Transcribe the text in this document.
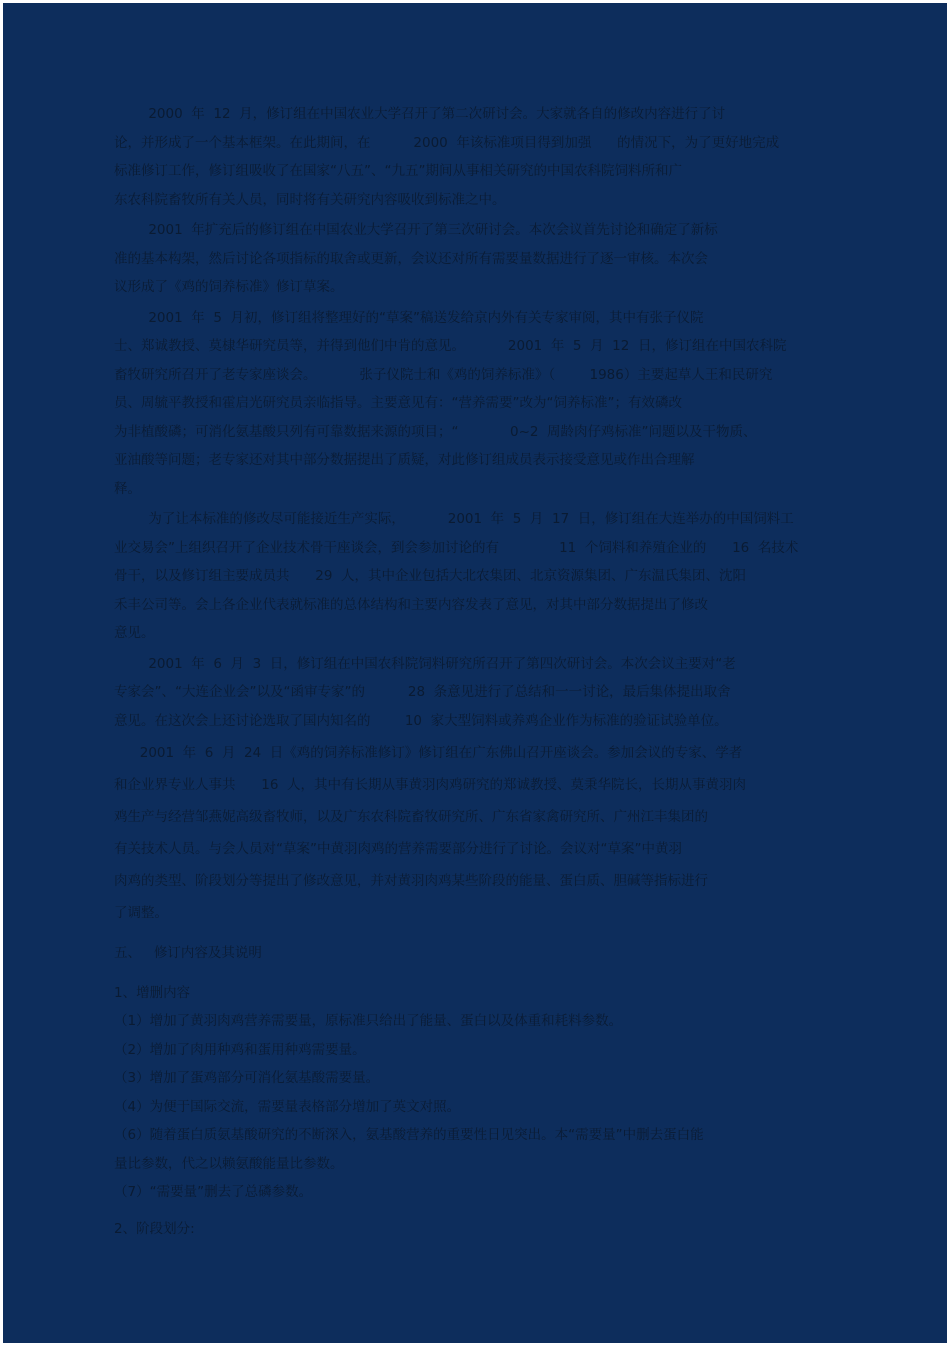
2000  年  12  月，修订组在中国农业大学召开了第二次研讨会。大家就各自的修改内容进行了讨
论，并形成了一个基本框架。在此期间，在          2000  年该标准项目得到加强      的情况下，为了更好地完成
标准修订工作，修订组吸收了在国家“八五”、“九五”期间从事相关研究的中国农科院饲料所和广
东农科院畜牧所有关人员，同时将有关研究内容吸收到标准之中。
2001  年扩充后的修订组在中国农业大学召开了第三次研讨会。本次会议首先讨论和确定了新标
准的基本构架，然后讨论各项指标的取舍或更新，会议还对所有需要量数据进行了逐一审核。本次会
议形成了《鸡的饲养标准》修订草案。
2001  年  5  月初，修订组将整理好的“草案”稿送发给京内外有关专家审阅，其中有张子仪院
士、郑诚教授、莫棣华研究员等，并得到他们中肯的意见。          2001  年  5  月  12  日，修订组在中国农科院
畜牧研究所召开了老专家座谈会。          张子仪院士和《鸡的饲养标准》（        1986）主要起草人王和民研究
员、周毓平教授和霍启光研究员亲临指导。主要意见有：“营养需要”改为“饲养标准”；有效磷改
为非植酸磷；可消化氨基酸只列有可靠数据来源的项目；“            0~2  周龄肉仔鸡标准”问题以及干物质、
亚油酸等问题；老专家还对其中部分数据提出了质疑，对此修订组成员表示接受意见或作出合理解
释。
为了让本标准的修改尽可能接近生产实际，          2001  年  5  月  17  日，修订组在大连举办的中国饲料工
业交易会”上组织召开了企业技术骨干座谈会，到会参加讨论的有              11  个饲料和养殖企业的      16  名技术
骨干，以及修订组主要成员共      29  人，其中企业包括大北农集团、北京资源集团、广东温氏集团、沈阳
禾丰公司等。会上各企业代表就标准的总体结构和主要内容发表了意见，对其中部分数据提出了修改
意见。
2001  年  6  月  3  日，修订组在中国农科院饲料研究所召开了第四次研讨会。本次会议主要对“老
专家会”、“大连企业会”以及“函审专家”的          28  条意见进行了总结和一一讨论，最后集体提出取舍
意见。在这次会上还讨论选取了国内知名的        10  家大型饲料或养鸡企业作为标准的验证试验单位。
2001  年  6  月  24  日《鸡的饲养标准修订》修订组在广东佛山召开座谈会。参加会议的专家、学者
和企业界专业人事共      16  人，其中有长期从事黄羽肉鸡研究的郑诚教授、莫秉华院长，长期从事黄羽肉
鸡生产与经营邹燕妮高级畜牧师，以及广东农科院畜牧研究所、广东省家禽研究所、广州江丰集团的
有关技术人员。与会人员对“草案”中黄羽肉鸡的营养需要部分进行了讨论。会议对“草案”中黄羽
肉鸡的类型、阶段划分等提出了修改意见，并对黄羽肉鸡某些阶段的能量、蛋白质、胆碱等指标进行
了调整。
五、   修订内容及其说明
1、增删内容
（1）增加了黄羽肉鸡营养需要量，原标准只给出了能量、蛋白以及体重和耗料参数。
（2）增加了肉用种鸡和蛋用种鸡需要量。
（3）增加了蛋鸡部分可消化氨基酸需要量。
（4）为便于国际交流，需要量表格部分增加了英文对照。
（6）随着蛋白质氨基酸研究的不断深入，氨基酸营养的重要性日见突出。本“需要量”中删去蛋白能
量比参数，代之以赖氨酸能量比参数。
（7）“需要量”删去了总磷参数。
2、阶段划分:
